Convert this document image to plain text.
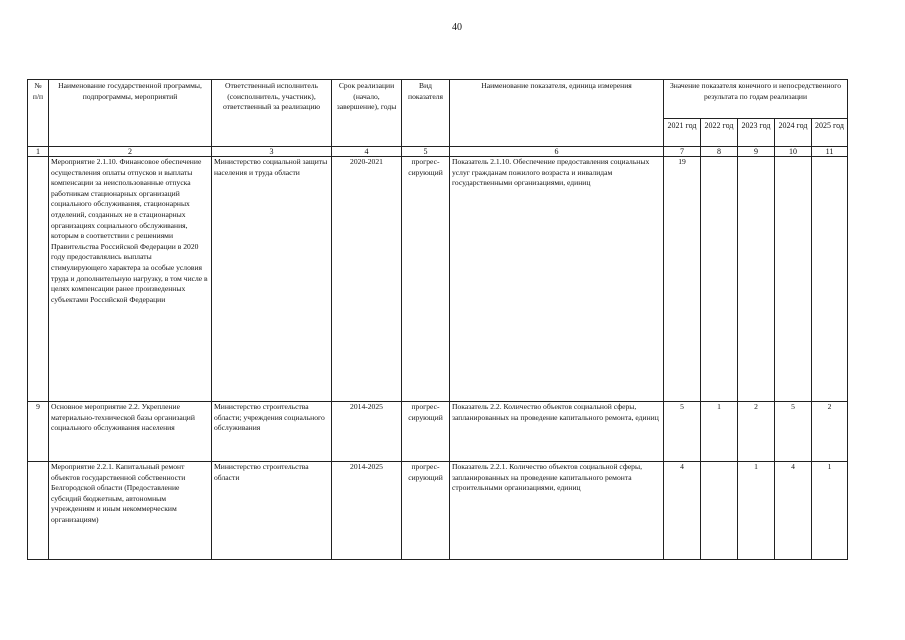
40
№
п/п	Наименование государственной программы, подпрограммы, мероприятий	Ответственный исполнитель (соисполнитель, участник), ответственный за реализацию	Срок реализации (начало, завершение), годы	Вид показателя	Наименование показателя, единица измерения	Значение показателя конечного и непосредственного результата по годам реализации				
						2021 год	2022 год	2023 год	2024 год	2025 год
1	2	3	4	5	6	7	8	9	10	11
	Мероприятие 2.1.10. Финансовое обеспечение осуществления оплаты отпусков и выплаты компенсации за неиспользованные отпуска работникам стационарных организаций социального обслуживания, стационарных отделений, созданных не в стационарных организациях социального обслуживания, которым в соответствии с решениями Правительства Российской Федерации в 2020 году предоставлялись выплаты стимулирующего характера за особые условия труда и дополнительную нагрузку, в том числе в целях компенсации ранее произведенных субъектами Российской Федерации	Министерство социальной защиты населения и труда области	2020-2021	прогрес-сирующий	Показатель 2.1.10. Обеспечение предоставления социальных услуг гражданам пожилого возраста и инвалидам государственными организациями, единиц	19				
9	Основное мероприятие 2.2. Укрепление материально-технической базы организаций социального обслуживания населения	Министерство строительства области; учреждения социального обслуживания	2014-2025	прогрес-сирующий	Показатель 2.2. Количество объектов социальной сферы, запланированных на проведение капитального ремонта, единиц	5	1	2	5	2
	Мероприятие 2.2.1. Капитальный ремонт объектов государственной собственности Белгородской области (Предоставление субсидий бюджетным, автономным учреждениям и иным некоммерческим организациям)	Министерство строительства области	2014-2025	прогрес-сирующий	Показатель 2.2.1. Количество объектов социальной сферы, запланированных на проведение капитального ремонта строительными организациями, единиц	4		1	4	1
